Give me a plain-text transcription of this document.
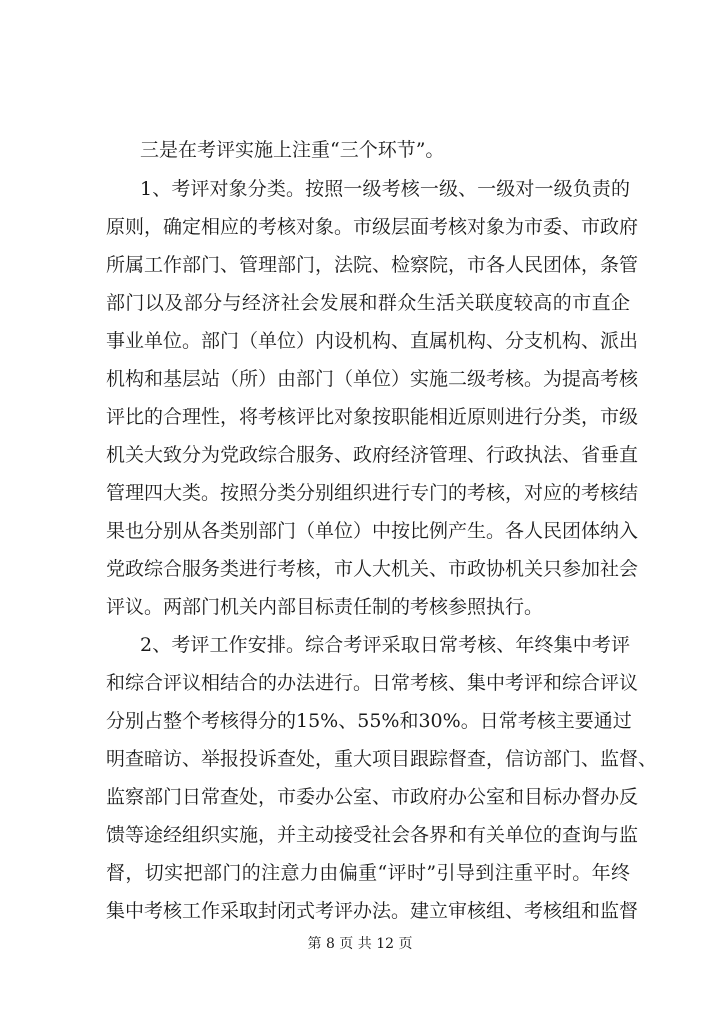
三是在考评实施上注重“三个环节”。
1、考评对象分类。按照一级考核一级、一级对一级负责的
原则，确定相应的考核对象。市级层面考核对象为市委、市政府
所属工作部门、管理部门，法院、检察院，市各人民团体，条管
部门以及部分与经济社会发展和群众生活关联度较高的市直企
事业单位。部门（单位）内设机构、直属机构、分支机构、派出
机构和基层站（所）由部门（单位）实施二级考核。为提高考核
评比的合理性，将考核评比对象按职能相近原则进行分类，市级
机关大致分为党政综合服务、政府经济管理、行政执法、省垂直
管理四大类。按照分类分别组织进行专门的考核，对应的考核结
果也分别从各类别部门（单位）中按比例产生。各人民团体纳入
党政综合服务类进行考核，市人大机关、市政协机关只参加社会
评议。两部门机关内部目标责任制的考核参照执行。
2、考评工作安排。综合考评采取日常考核、年终集中考评
和综合评议相结合的办法进行。日常考核、集中考评和综合评议
分别占整个考核得分的15%、55%和30%。日常考核主要通过
明查暗访、举报投诉查处，重大项目跟踪督查，信访部门、监督、
监察部门日常查处，市委办公室、市政府办公室和目标办督办反
馈等途经组织实施，并主动接受社会各界和有关单位的查询与监
督，切实把部门的注意力由偏重“评时”引导到注重平时。年终
集中考核工作采取封闭式考评办法。建立审核组、考核组和监督
第 8 页 共 12 页
